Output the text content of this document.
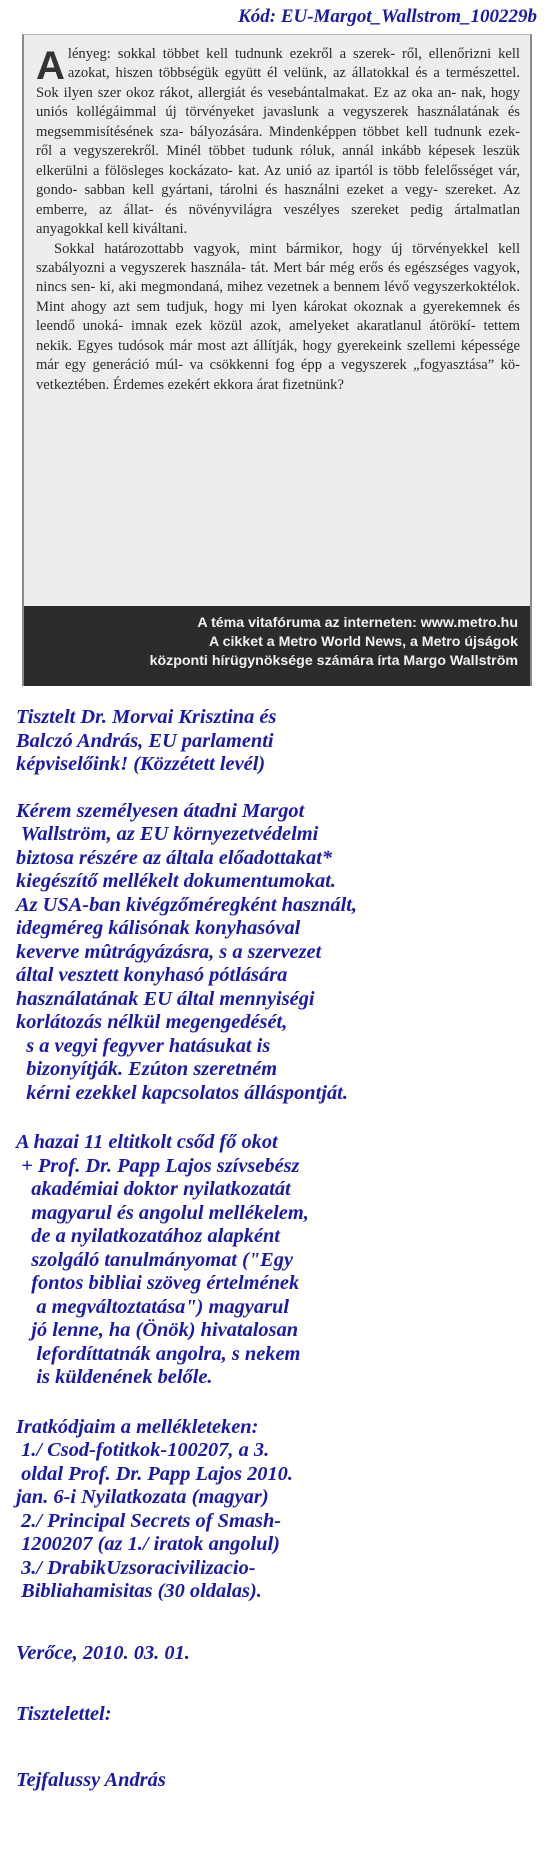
Kód: EU-Margot_Wallstrom_100229b
A lényeg: sokkal többet kell tudnunk ezekről a szerek- ről, ellenőrizni kell azokat, hiszen többségük együtt él velünk, az állatokkal és a természettel. Sok ilyen szer okoz rákot, allergiát és vesebántalmakat. Ez az oka an- nak, hogy uniós kollégáimmal új törvényeket javaslunk a vegyszerek használatának és megsemmisítésének sza- bályozására. Mindenképpen többet kell tudnunk ezek- ről a vegyszerekről. Minél többet tudunk róluk, annál inkább képesek leszük elkerülni a fölösleges kockázato- kat. Az unió az ipartól is több felelősséget vár, gondo- sabban kell gyártani, tárolni és használni ezeket a vegy- szereket. Az emberre, az állat- és növényvilágra veszélyes szereket pedig ártalmatlan anyagokkal kell kiváltani.

Sokkal határozottabb vagyok, mint bármikor, hogy új törvényekkel kell szabályozni a vegyszerek használa- tát. Mert bár még erős és egészséges vagyok, nincs sen- ki, aki megmondaná, mihez vezetnek a bennem lévő vegyszerkoktélok. Mint ahogy azt sem tudjuk, hogy mi lyen károkat okoznak a gyerekemnek és leendő unoká- imnak ezek közül azok, amelyeket akaratlanul átörökí- tettem nekik. Egyes tudósok már most azt állítják, hogy gyerekeink szellemi képessége már egy generáció múl- va csökkenni fog épp a vegyszerek „fogyasztása” kö- vetkeztében. Érdemes ezekért ekkora árat fizetnünk?

A téma vitafóruma az interneten: www.metro.hu
A cikket a Metro World News, a Metro újságok
központi hírügynöksége számára írta Margo Wallström
Tisztelt Dr. Morvai Krisztina és
Balczó András, EU parlamenti
képviselőink! (Közzétett levél)
Kérem személyesen átadni Margot
Wallström, az EU környezetvédelmi
biztosa részére az általa előadottakat*
kiegészítő mellékelt dokumentumokat.
Az USA-ban kivégzőméregként használt,
idegméreg kálisónak konyhasóval
keverve mûtrágyázásra, s a szervezet
által vesztett konyhasó pótlására
használatának EU által mennyiségi
korlátozás nélkül megengedését,
s a vegyi fegyver hatásukat is
bizonyítják. Ezúton szeretném
kérni ezekkel kapcsolatos álláspontját.
A hazai 11 eltitkolt csőd fő okot
+ Prof. Dr. Papp Lajos szívsebész
akadémiai doktor nyilatkozatát
magyarul és angolul mellékelem,
de a nyilatkozatához alapként
szolgáló tanulmányomat ("Egy
fontos bibliai szöveg értelmének
a megváltoztatása") magyarul
jó lenne, ha (Önök) hivatalosan
lefordíttatnák angolra, s nekem
is küldenének belőle.
Iratkódjaim a mellékleteken:
1./ Csod-fotitkok-100207, a 3.
oldal Prof. Dr. Papp Lajos 2010.
jan. 6-i Nyilatkozata (magyar)
2./ Principal Secrets of Smash-
1200207 (az 1./ iratok angolul)
3./ DrabikUzsoracivilizacio-
Bibliahamisitas (30 oldalas).
Verőce, 2010. 03. 01.
Tisztelettel:
Tejfalussy András
